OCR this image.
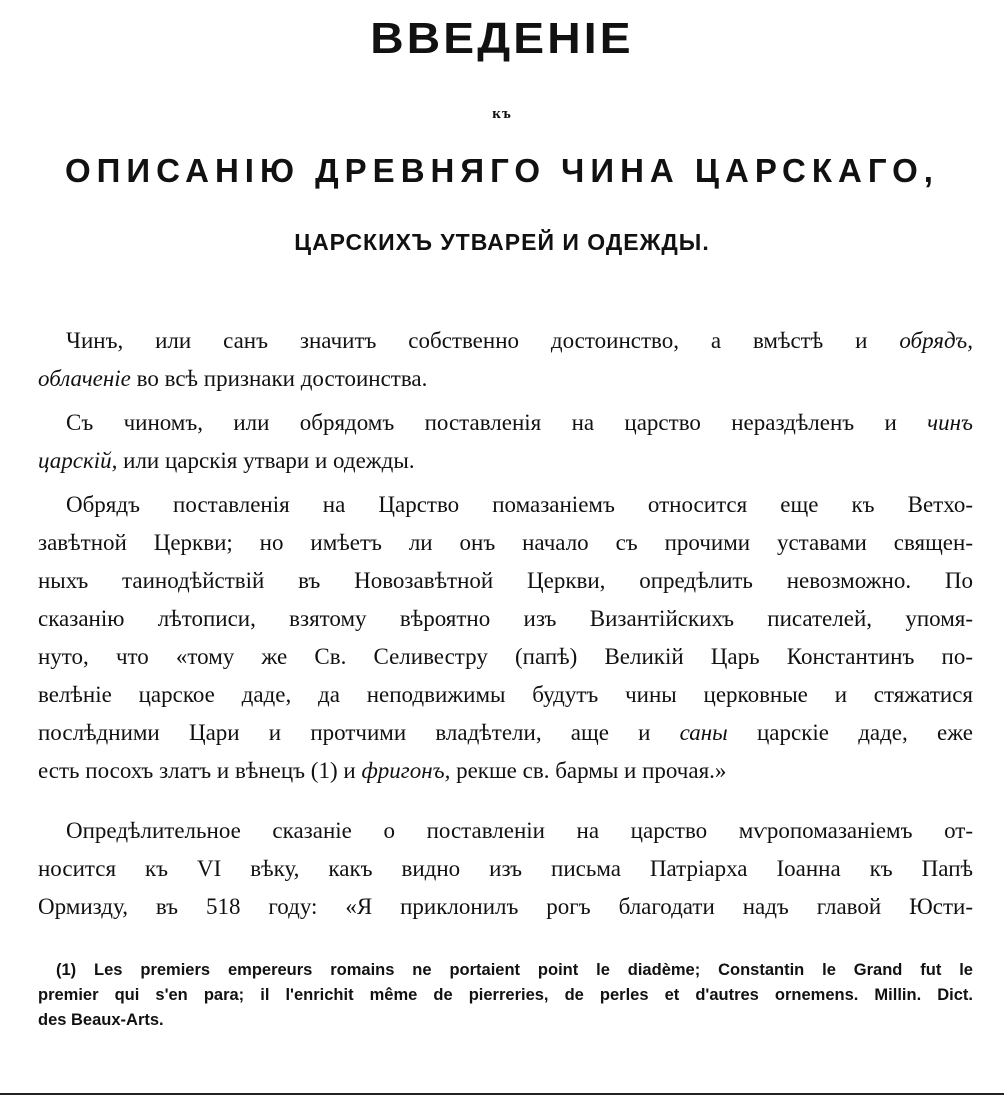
ВВЕДЕНІЕ
къ
ОПИСАНІЮ ДРЕВНЯГО ЧИНА ЦАРСКАГО,
ЦАРСКИХЪ УТВАРЕЙ И ОДЕЖДЫ.
Чинъ, или санъ значитъ собственно достоинство, а вмѣстѣ и обрядъ,
облаченіе во всѣ признаки достоинства.
Съ чиномъ, или обрядомъ поставленія на царство нераздѣленъ и чинъ
царскій, или царскія утвари и одежды.
Обрядъ поставленія на Царство помазаніемъ относится еще къ Ветхо-
завѣтной Церкви; но имѣетъ ли онъ начало съ прочими уставами священ-
ныхъ таинодѣйствій въ Новозавѣтной Церкви, опредѣлить невозможно. По
сказанію лѣтописи, взятому вѣроятно изъ Византійскихъ писателей, упомя-
нуто, что «тому же Св. Селивестру (папѣ) Великій Царь Константинъ по-
велѣніе царское даде, да неподвижимы будутъ чины церковные и стяжатися
послѣдними Цари и протчими владѣтели, аще и саны царскіе даде, еже
есть посохъ златъ и вѣнецъ (1) и фригонъ, рекше св. бармы и прочая.»
Опредѣлительное сказаніе о поставленіи на царство мѵропомазаніемъ от-
носится къ VI вѣку, какъ видно изъ письма Патріарха Іоанна къ Папѣ
Ормизду, въ 518 году: «Я приклонилъ рогъ благодати надъ главой Юсти-
(1) Les premiers empereurs romains ne portaient point le diadème; Constantin le Grand fut le
premier qui s'en para; il l'enrichit même de pierreries, de perles et d'autres ornemens. Millin. Dict.
des Beaux-Arts.
